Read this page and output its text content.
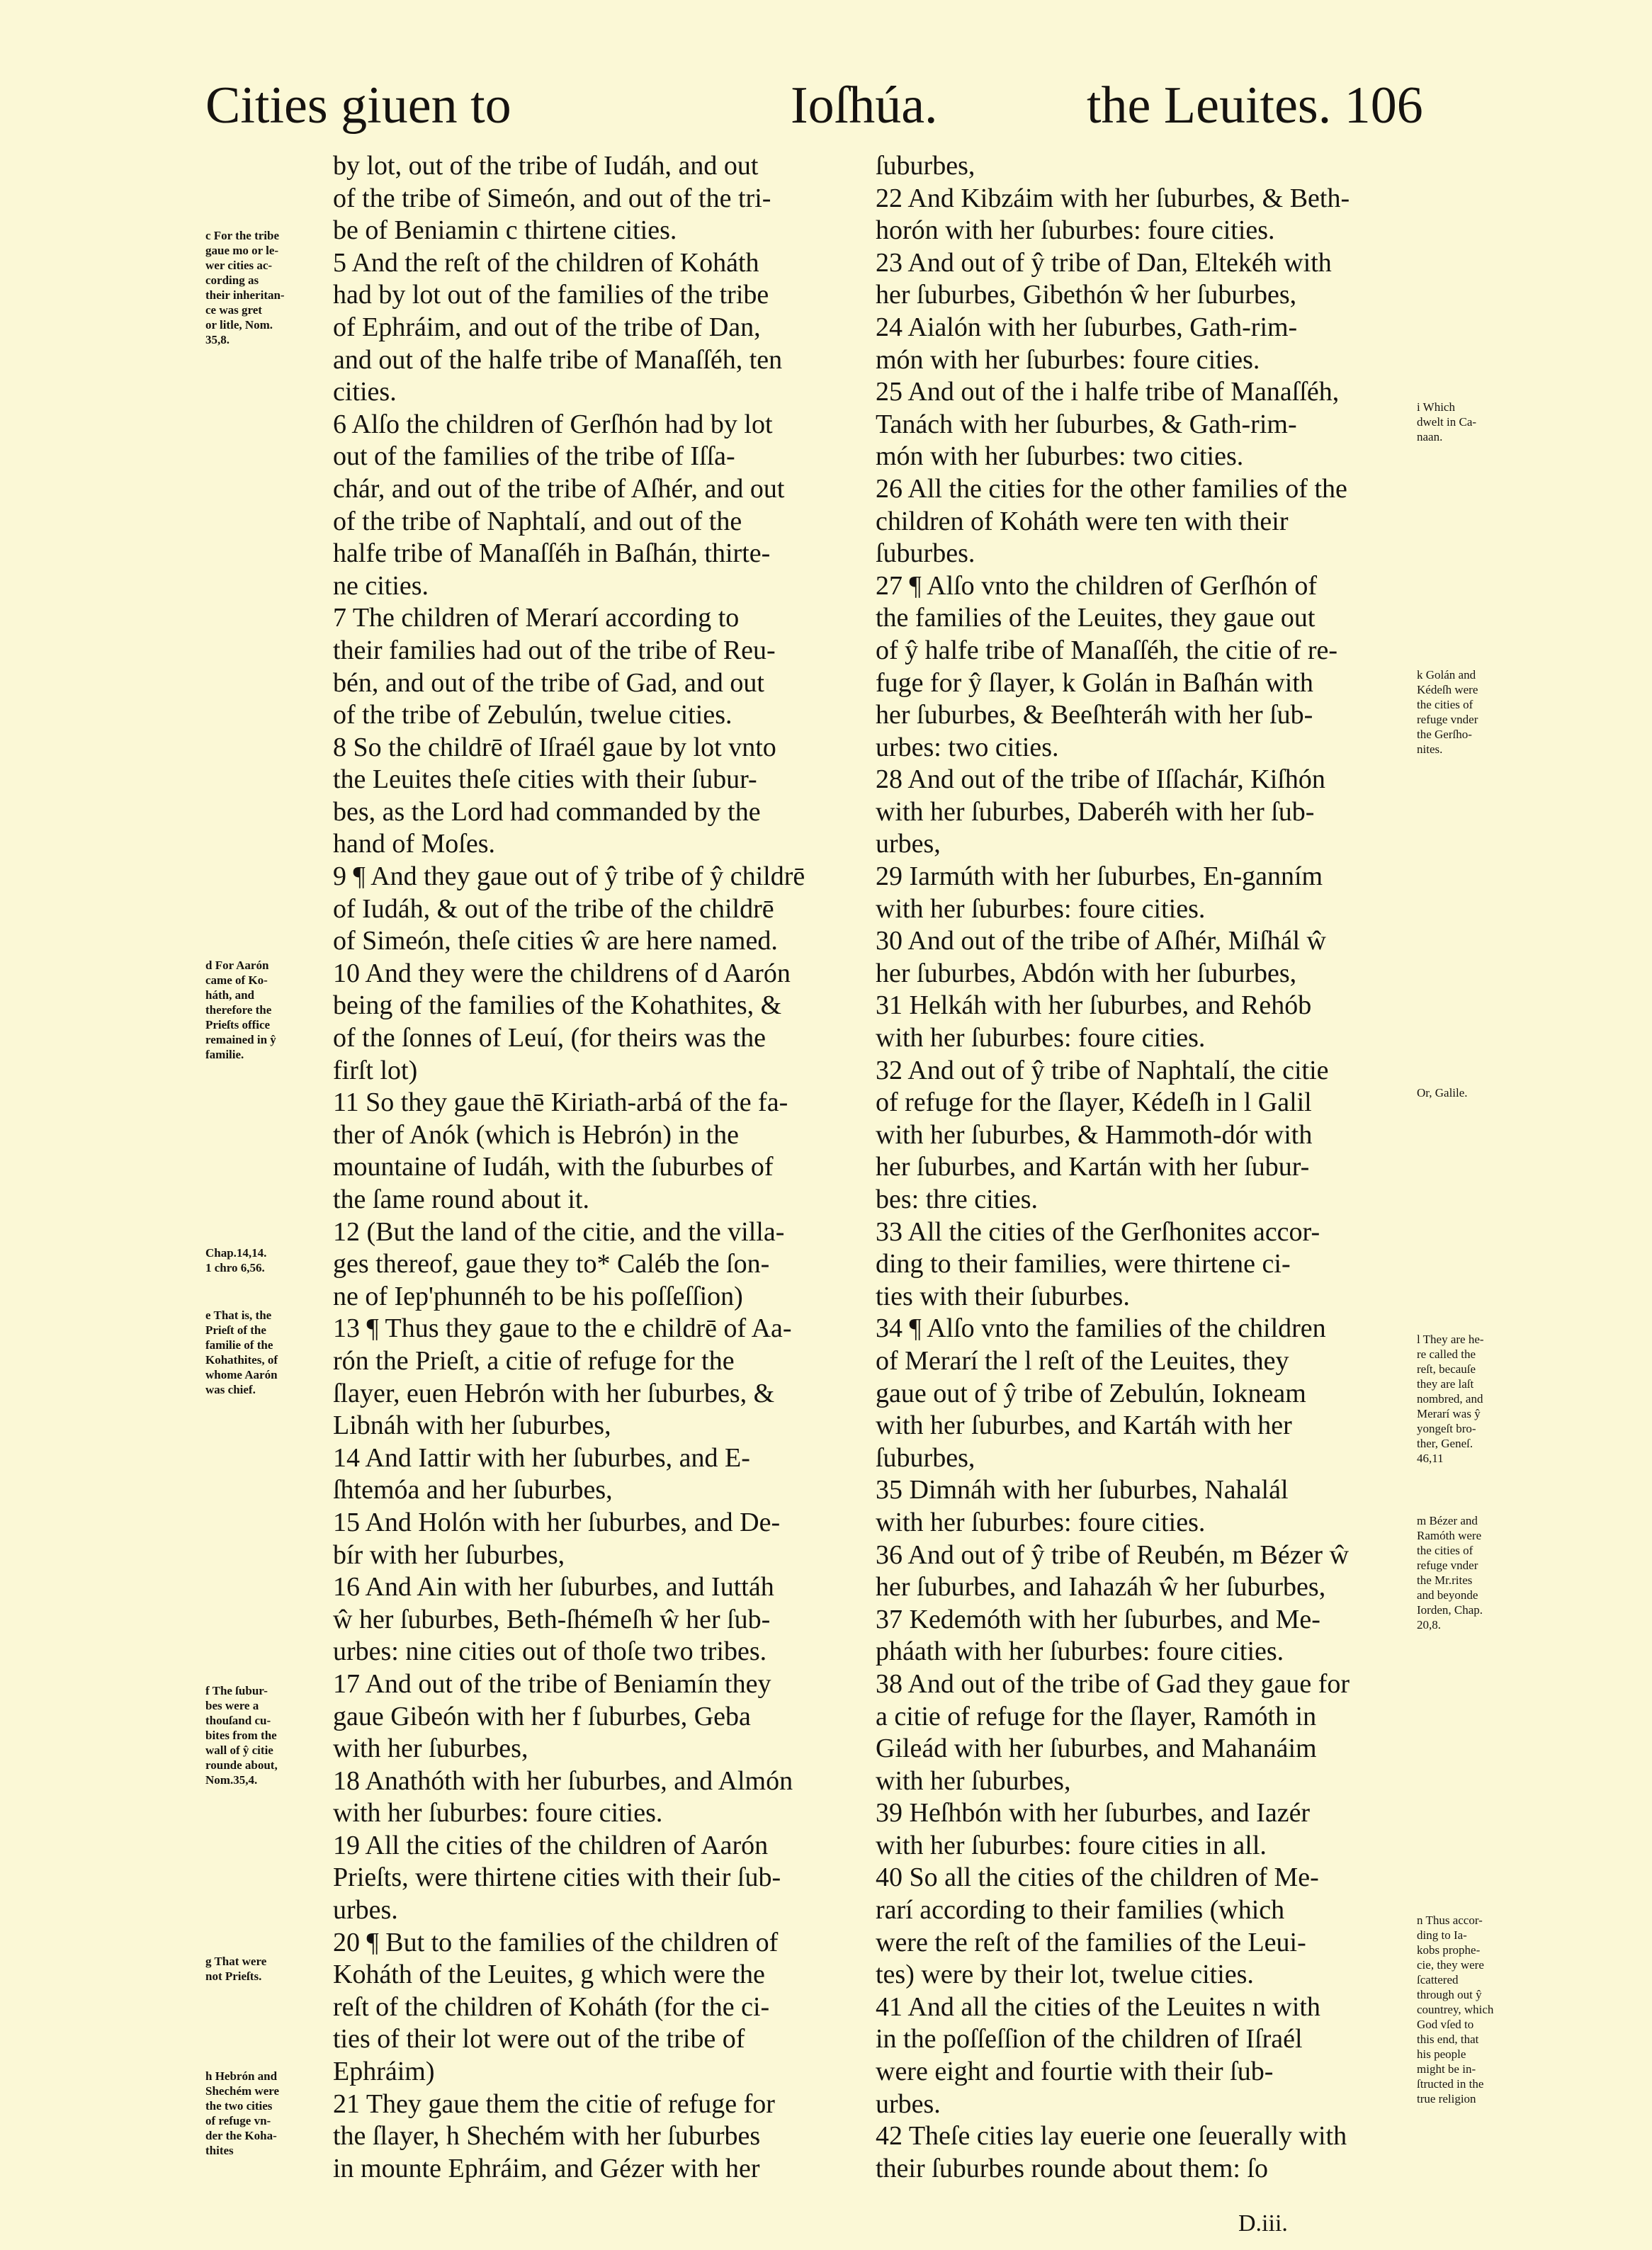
Cities giuen to	Ioſhúa.	the Leuites. 106
by lot, out of the tribe of Iudáh, and out
of the tribe of Simeón, and out of the tri-
be of Beniamin c thirtene cities.
5 And the reſt of the children of Koháth
had by lot out of the families of the tribe
of Ephráim, and out of the tribe of Dan,
and out of the halfe tribe of Manaſſéh, ten
cities.
6 Alſo the children of Gerſhón had by lot
out of the families of the tribe of Iſſa-
chár, and out of the tribe of Aſhér, and out
of the tribe of Naphtalí, and out of the
halfe tribe of Manaſſéh in Baſhán, thirte-
ne cities.
7 The children of Merarí according to
their families had out of the tribe of Reu-
bén, and out of the tribe of Gad, and out
of the tribe of Zebulún, twelue cities.
8 So the childrē of Iſraél gaue by lot vnto
the Leuites theſe cities with their ſubur-
bes, as the Lord had commanded by the
hand of Moſes.
9 ¶ And they gaue out of ŷ tribe of ŷ childrē
of Iudáh, & out of the tribe of the childrē
of Simeón, theſe cities ŵ are here named.
10 And they were the childrens of d Aarón
being of the families of the Kohathites, &
of the ſonnes of Leuí, (for theirs was the
firſt lot)
11 So they gaue thē Kiriath-arbá of the fa-
ther of Anók (which is Hebrón) in the
mountaine of Iudáh, with the ſuburbes of
the ſame round about it.
12 (But the land of the citie, and the villa-
ges thereof, gaue they to* Caléb the ſon-
ne of Iep'phunnéh to be his poſſeſſion)
13 ¶ Thus they gaue to the e childrē of Aa-
rón the Prieſt, a citie of refuge for the
ſlayer, euen Hebrón with her ſuburbes, &
Libnáh with her ſuburbes,
14 And Iattir with her ſuburbes, and E-
ſhtemóa and her ſuburbes,
15 And Holón with her ſuburbes, and De-
bír with her ſuburbes,
16 And Ain with her ſuburbes, and Iuttáh
ŵ her ſuburbes, Beth-ſhémeſh ŵ her ſub-
urbes: nine cities out of thoſe two tribes.
17 And out of the tribe of Beniamín they
gaue Gibeón with her f ſuburbes, Geba
with her ſuburbes,
18 Anathóth with her ſuburbes, and Almón
with her ſuburbes: foure cities.
19 All the cities of the children of Aarón
Prieſts, were thirtene cities with their ſub-
urbes.
20 ¶ But to the families of the children of
Koháth of the Leuites, g which were the
reſt of the children of Koháth (for the ci-
ties of their lot were out of the tribe of
Ephráim)
21 They gaue them the citie of refuge for
the ſlayer, h Shechém with her ſuburbes
in mounte Ephráim, and Gézer with her
ſuburbes,
22 And Kibzáim with her ſuburbes, & Beth-
horón with her ſuburbes: foure cities.
23 And out of ŷ tribe of Dan, Eltekéh with
her ſuburbes, Gibethón ŵ her ſuburbes,
24 Aialón with her ſuburbes, Gath-rim-
món with her ſuburbes: foure cities.
25 And out of the i halfe tribe of Manaſſéh,
Tanách with her ſuburbes, & Gath-rim-
món with her ſuburbes: two cities.
26 All the cities for the other families of the
children of Koháth were ten with their
ſuburbes.
27 ¶ Alſo vnto the children of Gerſhón of
the families of the Leuites, they gaue out
of ŷ halfe tribe of Manaſſéh, the citie of re-
fuge for ŷ ſlayer, k Golán in Baſhán with
her ſuburbes, & Beeſhteráh with her ſub-
urbes: two cities.
28 And out of the tribe of Iſſachár, Kiſhón
with her ſuburbes, Daberéh with her ſub-
urbes,
29 Iarmúth with her ſuburbes, En-ganním
with her ſuburbes: foure cities.
30 And out of the tribe of Aſhér, Miſhál ŵ
her ſuburbes, Abdón with her ſuburbes,
31 Helkáh with her ſuburbes, and Rehób
with her ſuburbes: foure cities.
32 And out of ŷ tribe of Naphtalí, the citie
of refuge for the ſlayer, Kédeſh in l Galil
with her ſuburbes, & Hammoth-dór with
her ſuburbes, and Kartán with her ſubur-
bes: thre cities.
33 All the cities of the Gerſhonites accor-
ding to their families, were thirtene ci-
ties with their ſuburbes.
34 ¶ Alſo vnto the families of the children
of Merarí the l reſt of the Leuites, they
gaue out of ŷ tribe of Zebulún, Iokneam
with her ſuburbes, and Kartáh with her
ſuburbes,
35 Dimnáh with her ſuburbes, Nahalál
with her ſuburbes: foure cities.
36 And out of ŷ tribe of Reubén, m Bézer ŵ
her ſuburbes, and Iahazáh ŵ her ſuburbes,
37 Kedemóth with her ſuburbes, and Me-
pháath with her ſuburbes: foure cities.
38 And out of the tribe of Gad they gaue for
a citie of refuge for the ſlayer, Ramóth in
Gileád with her ſuburbes, and Mahanáim
with her ſuburbes,
39 Heſhbón with her ſuburbes, and Iazér
with her ſuburbes: foure cities in all.
40 So all the cities of the children of Me-
rarí according to their families (which
were the reſt of the families of the Leui-
tes) were by their lot, twelue cities.
41 And all the cities of the Leuites n with
in the poſſeſſion of the children of Iſraél
were eight and fourtie with their ſub-
urbes.
42 Theſe cities lay euerie one ſeuerally with
their ſuburbes rounde about them: ſo
c For the tribe
gaue mo or le-
wer cities ac-
cording as
their inheritan-
ce was gret
or litle, Nom.
35,8.
d For Aarón
came of Ko-
háth, and
therefore the
Prieſts office
remained in ŷ
familie.
Chap.14,14.
1 chro 6,56.
e That is, the
Prieſt of the
familie of the
Kohathites, of
whome Aarón
was chief.
f The ſubur-
bes were a
thouſand cu-
bites from the
wall of ŷ citie
rounde about,
Nom.35,4.
g That were
not Prieſts.
h Hebrón and
Shechém were
the two cities
of refuge vn-
der the Koha-
thites
i Which
dwelt in Ca-
naan.
k Golán and
Kédeſh were
the cities of
refuge vnder
the Gerſho-
nites.
Or, Galile.
l They are he-
re called the
reſt, becauſe
they are laſt
nombred, and
Merarí was ŷ
yongeſt bro-
ther, Geneſ.
46,11
m Bézer and
Ramóth were
the cities of
refuge vnder
the Mr.rites
and beyonde
Iorden, Chap.
20,8.
n Thus accor-
ding to Ia-
kobs prophe-
cie, they were
ſcattered
through out ŷ
countrey, which
God vſed to
this end, that
his people
might be in-
ſtructed in the
true religion
D.iii.
